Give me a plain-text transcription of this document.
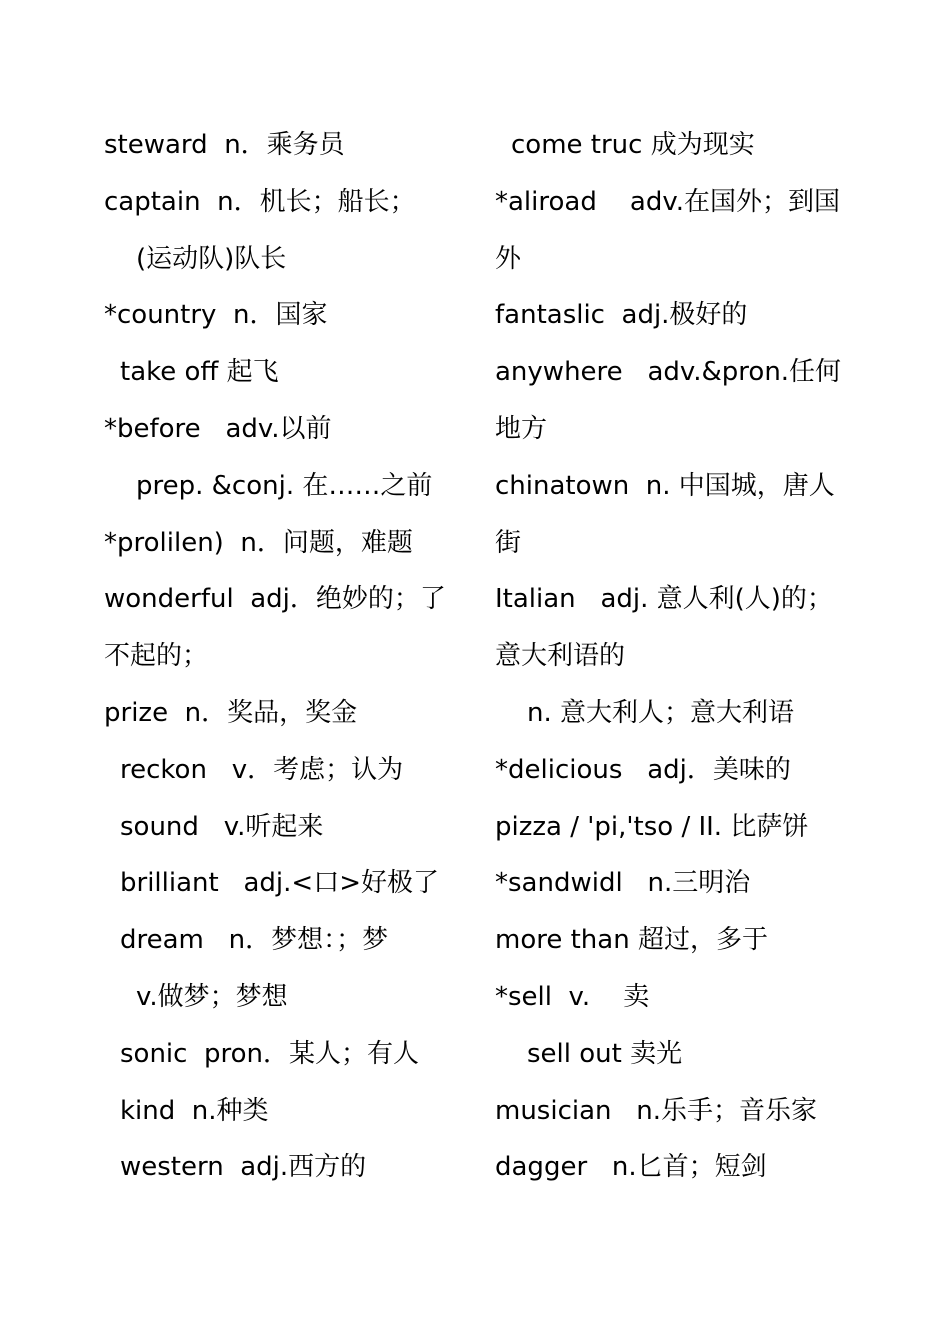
steward  n．乘务员
captain  n．机长；船长；
(运动队)队长
*country  n．国家
take off 起飞
*before   adv.以前
prep. &conj. 在……之前
*prolilen)  n．问题，难题
wonderful  adj．绝妙的；了
不起的；
prize  n．奖品，奖金
reckon   v．考虑；认为
sound   v.听起来
brilliant   adj.<口>好极了
dream   n．梦想：；梦
v.做梦；梦想
sonic  pron．某人；有人
kind  n.种类
western  adj.西方的
come truc 成为现实
*aliroad    adv.在国外；到国
外
fantaslic  adj.极好的
anywhere   adv.&pron.任何
地方
chinatown  n. 中国城，唐人
街
Italian   adj. 意人利(人)的；
意大利语的
n. 意大利人；意大利语
*delicious   adj．美味的
pizza / 'pi,'tso / II. 比萨饼
*sandwidl   n.三明治
more than 超过，多于
*sell  v.    卖
sell out 卖光
musician   n.乐手；音乐家
dagger   n.匕首；短剑
